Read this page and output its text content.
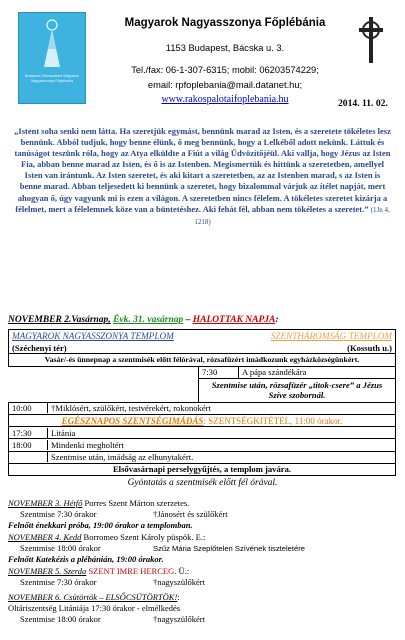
Budapest-Rákospalotai Magyarok Nagyasszonya Főplébánia
Magyarok Nagyasszonya Főplébánia
1153 Budapest, Bácska u. 3.
Tel./fax: 06-1-307-6315; mobil: 06203574229;
email: rpfoplebania@mail.datanet.hu;
www.rakospalotaifoplebania.hu	2014. 11. 02.
„Istent soha senki nem látta. Ha szeretjük egymást, bennünk marad az Isten, és a szeretete tökéletes lesz bennünk. Abból tudjuk, hogy benne élünk, ő meg bennünk, hogy a Lelkéből adott nekünk. Láttuk és tanúságot teszünk róla, hogy az Atya elküldte a Fiút a világ Üdvözítőjéül. Aki vallja, hogy Jézus az Isten Fia, abban benne marad az Isten, és ő is az Istenben. Megismertük és hittünk a szeretetben, amellyel Isten van irántunk. Az Isten szeretet, és aki kitart a szeretetben, az az Istenben marad, s az Isten is benne marad. Abban teljesedett ki bennünk a szeretet, hogy bizalommal várjuk az ítélet napját, mert ahogyan ő, úgy vagyunk mi is ezen a világon. A szeretetben nincs félelem. A tökéletes szeretet kizárja a félelmet, mert a félelemnek köze van a büntetéshez. Aki fehát fél, abban nem tökéletes a szeretet.” (1Jn 4, 1218)
NOVEMBER 2.Vasárnap, Évk. 31. vasárnap – HALOTTAK NAPJA:
MAGYAROK NAGYASSZONYA TEMPLOM		SZENTHÁROMSÁG TEMPLOM
(Széchenyi tér)		(Kossuth u.)
Vasár/-és ünnepnap a szentmisék előtt félórával, rózsafüzért imádkozunk egyházközségünkért.		
	7:30	A pápa szándékára
	Szentmise után, rózsafüzér „titok-csere” a Jézus Szíve szobornál.	

10:00 †Miklósért, szülőkért, testvérekért, rokonokért		

EGÉSZNAPOS SZENTSÉGIMÁDÁS: SZENTSÉGKITÉTEL, 11:00 órakor.		

17:30 Litánia		

18:00 Mindenki megholtért		

Szentmise után, imádság az elhunytakért.		

Elsővasárnapi perselygyűjtés, a templom javára.		
Gyóntatás a szentmisék előtt fél órával.
NOVEMBER 3. Hétfő Porres Szent Márton szerzetes.
Szentmise 7:30 órakor	†Jánosért és szülőkért
Felnőtt énekkari próba, 19:00 órakor a templomban.
NOVEMBER 4. Kedd Borromeo Szent Károly püspök. E.:
Szentmise 18:00 órakor	Szűz Mária Szeplőtelen Szívének tiszteletére
Felnőtt Katekézis a plébánián, 19:00 órakor.
NOVEMBER 5. Szerda SZENT IMRE HERCEG. Ü.:
Szentmise 7:30 órakor	†nagyszülőkért
NOVEMBER 6. Csütörtök – ELSŐCSÜTÖRTÖK!:
Oltáriszentség Litániája 17:30 órakor - elmélkedés
Szentmise 18:00 órakor	†nagyszülőkért
